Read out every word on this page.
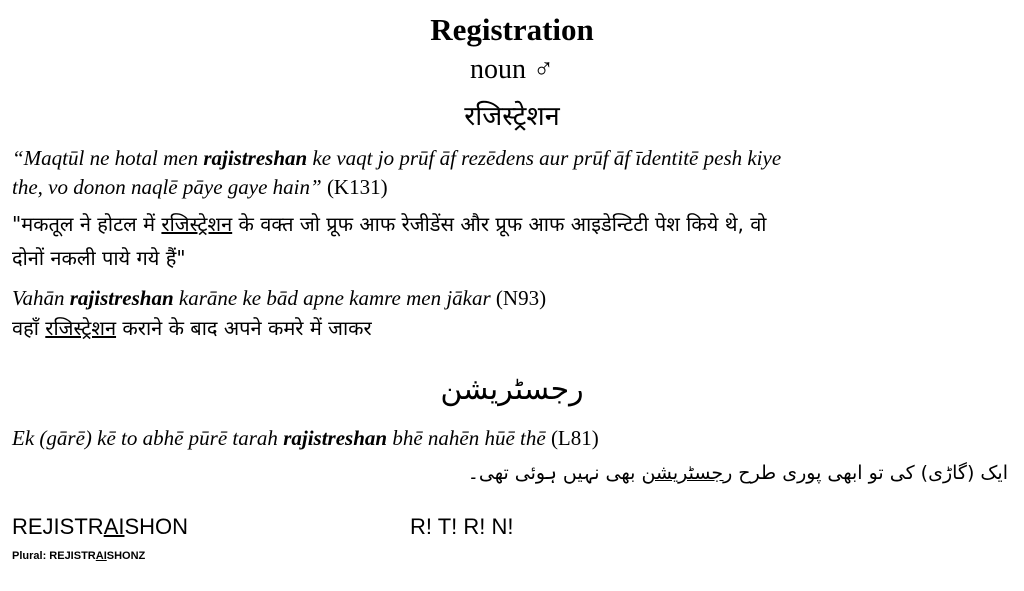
Registration
noun ♂
रजिस्ट्रेशन
“Maqtūl ne hotal men rajistreshan ke vaqt jo prūf āf rezēdens aur prūf āf īdentitē pesh kiye
the, vo donon naqlē pāye gaye hain” (K131)
"मकतूल ने होटल में रजिस्ट्रेशन के वक्त जो प्रूफ आफ रेजीडेंस और प्रूफ आफ आइडेन्टिटी पेश किये थे, वो
दोनों नकली पाये गये हैं"
Vahān rajistreshan karāne ke bād apne kamre men jākar (N93)
वहाँ रजिस्ट्रेशन कराने के बाद अपने कमरे में जाकर
رجسٹریشن
Ek (gārē) kē to abhē pūrē tarah rajistreshan bhē nahēn hūē thē (L81)
ایک (گاڑی) کی تو ابھی پوری طرح رجسٹریشن بھی نہیں ہوئی تھی۔
REJISTRAISHON	R! T! R! N!
Plural: REJISTRAISHONZ
